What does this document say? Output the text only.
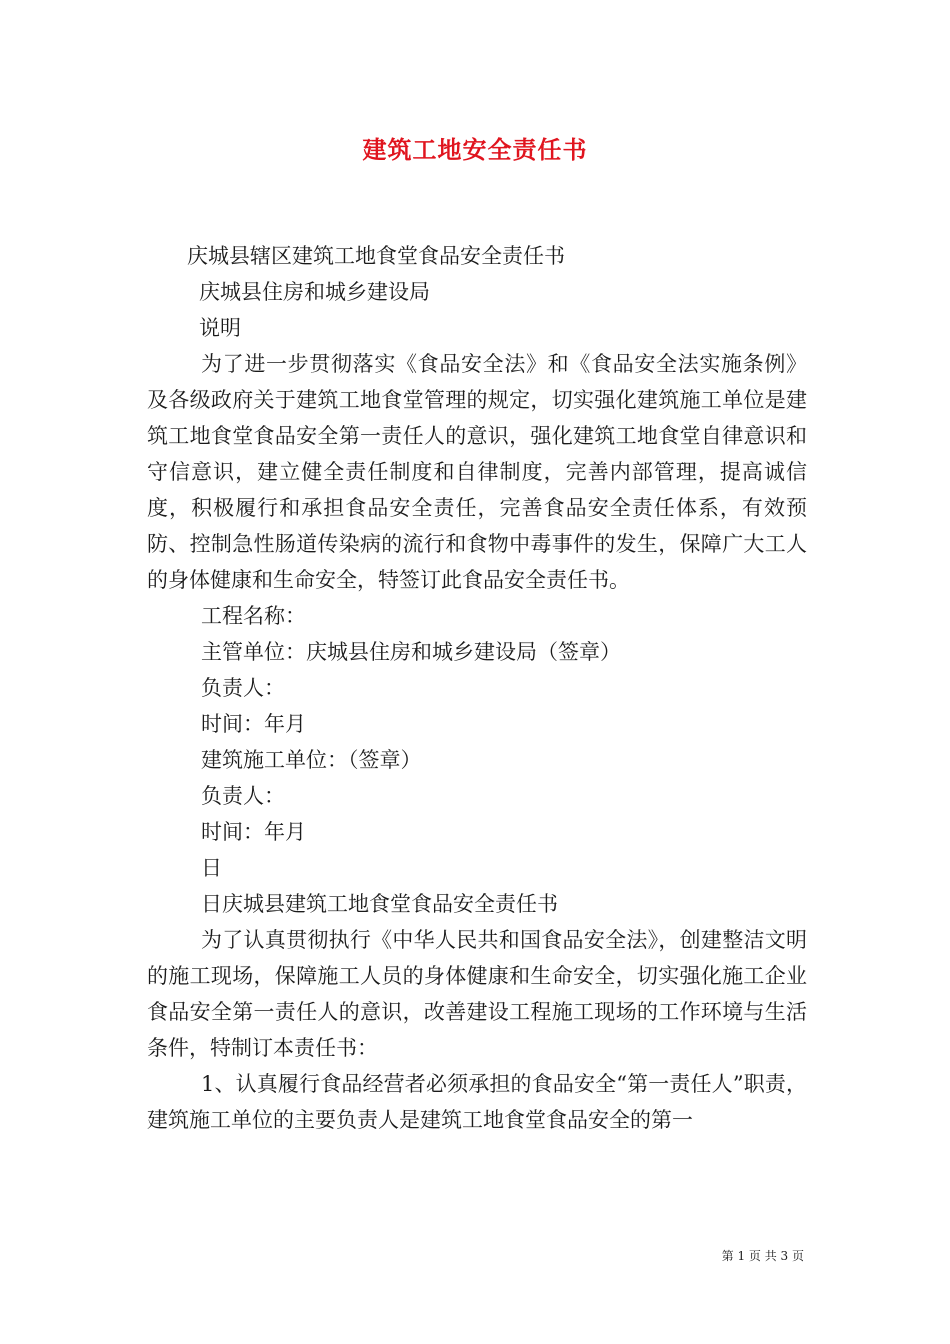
建筑工地安全责任书

庆城县辖区建筑工地食堂食品安全责任书

庆城县住房和城乡建设局

说明

为了进一步贯彻落实《食品安全法》和《食品安全法实施条例》及各级政府关于建筑工地食堂管理的规定，切实强化建筑施工单位是建筑工地食堂食品安全第一责任人的意识，强化建筑工地食堂自律意识和守信意识，建立健全责任制度和自律制度，完善内部管理，提高诚信度，积极履行和承担食品安全责任，完善食品安全责任体系，有效预防、控制急性肠道传染病的流行和食物中毒事件的发生，保障广大工人的身体健康和生命安全，特签订此食品安全责任书。

工程名称：

主管单位：庆城县住房和城乡建设局（签章）

负责人：

时间：年月

建筑施工单位：（签章）

负责人：

时间：年月

日

日庆城县建筑工地食堂食品安全责任书

为了认真贯彻执行《中华人民共和国食品安全法》，创建整洁文明的施工现场，保障施工人员的身体健康和生命安全，切实强化施工企业食品安全第一责任人的意识，改善建设工程施工现场的工作环境与生活条件，特制订本责任书：

1、认真履行食品经营者必须承担的食品安全“第一责任人”职责，建筑施工单位的主要负责人是建筑工地食堂食品安全的第一

第 1 页 共 3 页
